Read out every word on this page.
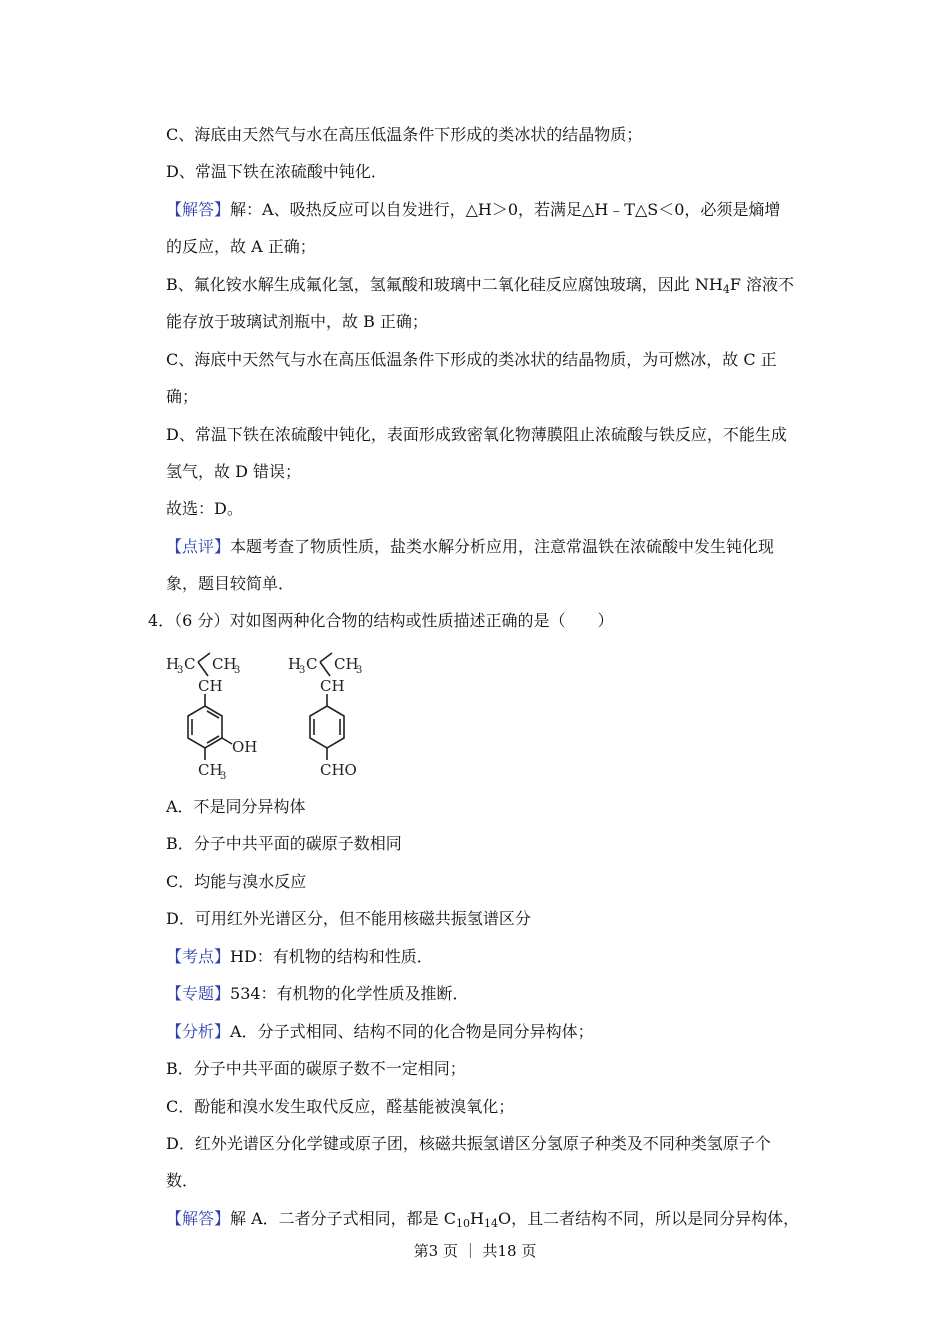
C、海底由天然气与水在高压低温条件下形成的类冰状的结晶物质；
D、常温下铁在浓硫酸中钝化．
【解答】解：A、吸热反应可以自发进行，△H＞0，若满足△H﹣T△S＜0，必须是熵增
的反应，故 A 正确；
B、氟化铵水解生成氟化氢，氢氟酸和玻璃中二氧化硅反应腐蚀玻璃，因此 $NH_4F$ 溶液不
能存放于玻璃试剂瓶中，故 B 正确；
C、海底中天然气与水在高压低温条件下形成的类冰状的结晶物质，为可燃冰，故 C 正
确；
D、常温下铁在浓硫酸中钝化，表面形成致密氧化物薄膜阻止浓硫酸与铁反应，不能生成
氢气，故 D 错误；
故选：D。
【点评】本题考查了物质性质，盐类水解分析应用，注意常温铁在浓硫酸中发生钝化现
象，题目较简单．
4．（6 分）对如图两种化合物的结构或性质描述正确的是（　　）
H
3 C CH
3
CH
OH
CH
3
H
3 C CH
3
CH
CHO
A．不是同分异构体
B．分子中共平面的碳原子数相同
C．均能与溴水反应
D．可用红外光谱区分，但不能用核磁共振氢谱区分
【考点】HD：有机物的结构和性质．
【专题】534：有机物的化学性质及推断．
【分析】A．分子式相同、结构不同的化合物是同分异构体；
B．分子中共平面的碳原子数不一定相同；
C．酚能和溴水发生取代反应，醛基能被溴氧化；
D．红外光谱区分化学键或原子团，核磁共振氢谱区分氢原子种类及不同种类氢原子个
数．
【解答】解 A．二者分子式相同，都是 $C_{10}H_{14}O$，且二者结构不同，所以是同分异构体，
第3 页 ｜ 共18 页
